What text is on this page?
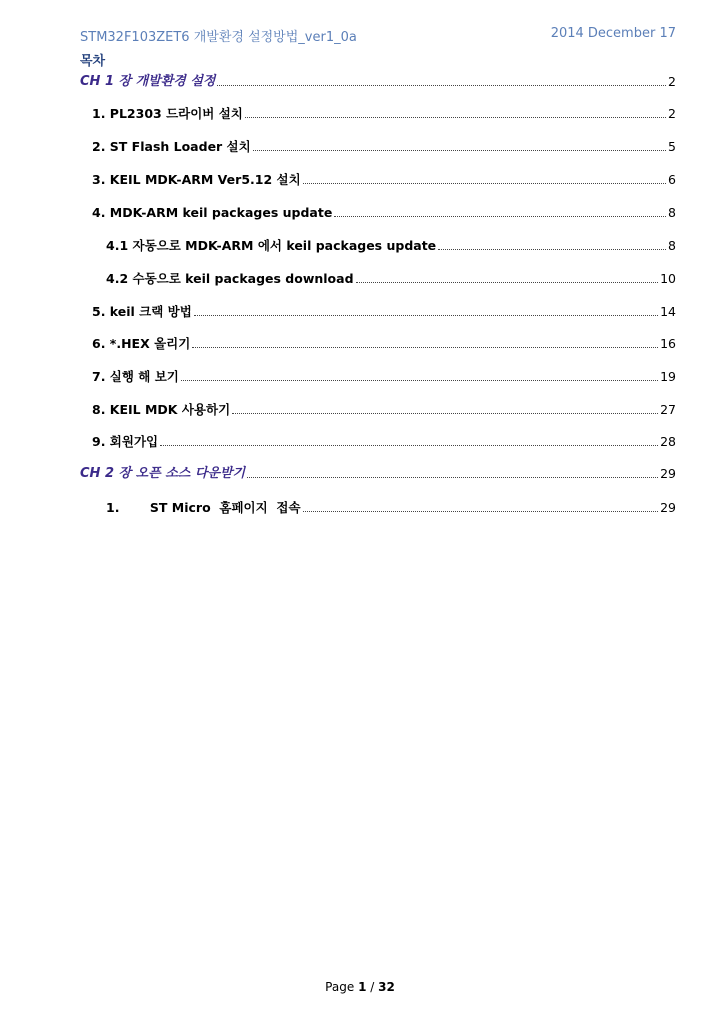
STM32F103ZET6 개발환경 설정방법_ver1_0a	2014 December 17
목차
CH 1 장 개발환경 설정	2
1. PL2303 드라이버 설치	2
2. ST Flash Loader 설치	5
3. KEIL MDK-ARM Ver5.12 설치	6
4. MDK-ARM keil packages update	8
4.1 자동으로 MDK-ARM 에서 keil packages update	8
4.2 수동으로 keil packages download	10
5. keil 크랙 방법	14
6. *.HEX 올리기	16
7. 실행 해 보기	19
8. KEIL MDK 사용하기	27
9. 회원가입	28
CH 2 장 오픈 소스 다운받기	29
1.       ST Micro  홈페이지  접속	29
Page 1 / 32
